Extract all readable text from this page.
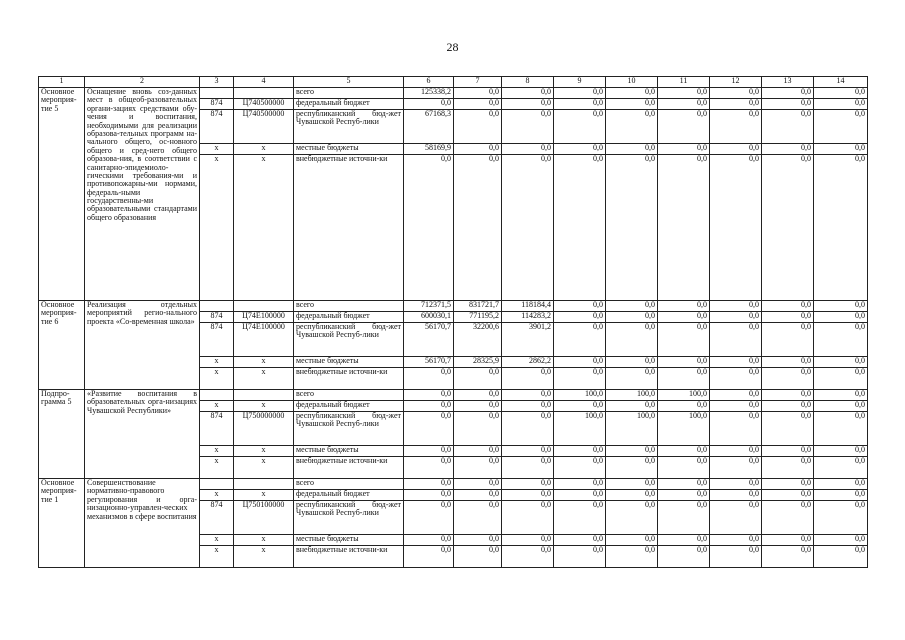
28
1	2	3	4	5	6	7	8	9	10	11	12	13	14
Основное мероприя-тие 5	Оснащение вновь соз-данных мест в общеоб-разовательных органи-зациях средствами обу-чения и воспитания, необходимыми для реализации образова-тельных программ на-чального общего, ос-новного общего и сред-него общего образова-ния, в соответствии с санитарно-эпидемиоло-гическими требования-ми и противопожарны-ми нормами, федераль-ными государственны-ми образовательными стандартами общего образования			всего	125338,2	0,0	0,0	0,0	0,0	0,0	0,0	0,0	0,0
		874	Ц740500000	федеральный бюджет	0,0	0,0	0,0	0,0	0,0	0,0	0,0	0,0	0,0
		874	Ц740500000	республиканский бюд-жет Чувашской Респуб-лики	67168,3	0,0	0,0	0,0	0,0	0,0	0,0	0,0	0,0
		x	x	местные бюджеты	58169,9	0,0	0,0	0,0	0,0	0,0	0,0	0,0	0,0
		x	x	внебюджетные источни-ки	0,0	0,0	0,0	0,0	0,0	0,0	0,0	0,0	0,0
Основное мероприя-тие 6	Реализация отдельных мероприятий регио-нального проекта «Со-временная школа»			всего	712371,5	831721,7	118184,4	0,0	0,0	0,0	0,0	0,0	0,0
		874	Ц74Е100000	федеральный бюджет	600030,1	771195,2	114283,2	0,0	0,0	0,0	0,0	0,0	0,0
		874	Ц74Е100000	республиканский бюд-жет Чувашской Респуб-лики	56170,7	32200,6	3901,2	0,0	0,0	0,0	0,0	0,0	0,0
		x	x	местные бюджеты	56170,7	28325,9	2862,2	0,0	0,0	0,0	0,0	0,0	0,0
		x	x	внебюджетные источни-ки	0,0	0,0	0,0	0,0	0,0	0,0	0,0	0,0	0,0
Подпро-грамма 5	«Развитие воспитания в образовательных орга-низациях Чувашской Республики»			всего	0,0	0,0	0,0	100,0	100,0	100,0	0,0	0,0	0,0
		x	x	федеральный бюджет	0,0	0,0	0,0	0,0	0,0	0,0	0,0	0,0	0,0
		874	Ц750000000	республиканский бюд-жет Чувашской Респуб-лики	0,0	0,0	0,0	100,0	100,0	100,0	0,0	0,0	0,0
		x	x	местные бюджеты	0,0	0,0	0,0	0,0	0,0	0,0	0,0	0,0	0,0
		x	x	внебюджетные источни-ки	0,0	0,0	0,0	0,0	0,0	0,0	0,0	0,0	0,0
Основное мероприя-тие 1	Совершенствование нормативно-правового регулирования и орга-низационно-управлен-ческих механизмов в сфере воспитания			всего	0,0	0,0	0,0	0,0	0,0	0,0	0,0	0,0	0,0
		x	x	федеральный бюджет	0,0	0,0	0,0	0,0	0,0	0,0	0,0	0,0	0,0
		874	Ц750100000	республиканский бюд-жет Чувашской Респуб-лики	0,0	0,0	0,0	0,0	0,0	0,0	0,0	0,0	0,0
		x	x	местные бюджеты	0,0	0,0	0,0	0,0	0,0	0,0	0,0	0,0	0,0
		x	x	внебюджетные источни-ки	0,0	0,0	0,0	0,0	0,0	0,0	0,0	0,0	0,0
